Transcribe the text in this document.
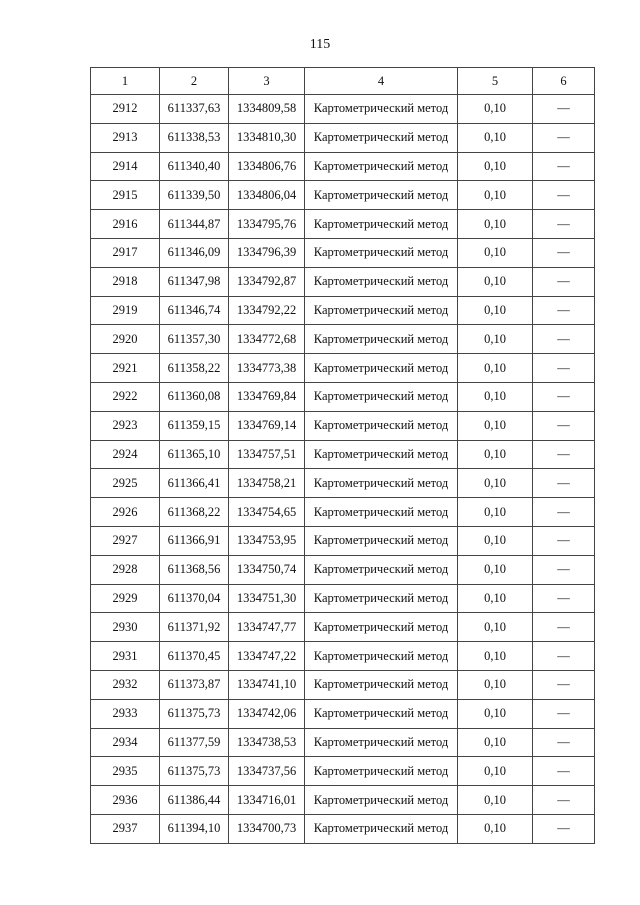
115
1	2	3	4	5	6
2912	611337,63	1334809,58	Картометрический метод	0,10	—
2913	611338,53	1334810,30	Картометрический метод	0,10	—
2914	611340,40	1334806,76	Картометрический метод	0,10	—
2915	611339,50	1334806,04	Картометрический метод	0,10	—
2916	611344,87	1334795,76	Картометрический метод	0,10	—
2917	611346,09	1334796,39	Картометрический метод	0,10	—
2918	611347,98	1334792,87	Картометрический метод	0,10	—
2919	611346,74	1334792,22	Картометрический метод	0,10	—
2920	611357,30	1334772,68	Картометрический метод	0,10	—
2921	611358,22	1334773,38	Картометрический метод	0,10	—
2922	611360,08	1334769,84	Картометрический метод	0,10	—
2923	611359,15	1334769,14	Картометрический метод	0,10	—
2924	611365,10	1334757,51	Картометрический метод	0,10	—
2925	611366,41	1334758,21	Картометрический метод	0,10	—
2926	611368,22	1334754,65	Картометрический метод	0,10	—
2927	611366,91	1334753,95	Картометрический метод	0,10	—
2928	611368,56	1334750,74	Картометрический метод	0,10	—
2929	611370,04	1334751,30	Картометрический метод	0,10	—
2930	611371,92	1334747,77	Картометрический метод	0,10	—
2931	611370,45	1334747,22	Картометрический метод	0,10	—
2932	611373,87	1334741,10	Картометрический метод	0,10	—
2933	611375,73	1334742,06	Картометрический метод	0,10	—
2934	611377,59	1334738,53	Картометрический метод	0,10	—
2935	611375,73	1334737,56	Картометрический метод	0,10	—
2936	611386,44	1334716,01	Картометрический метод	0,10	—
2937	611394,10	1334700,73	Картометрический метод	0,10	—
